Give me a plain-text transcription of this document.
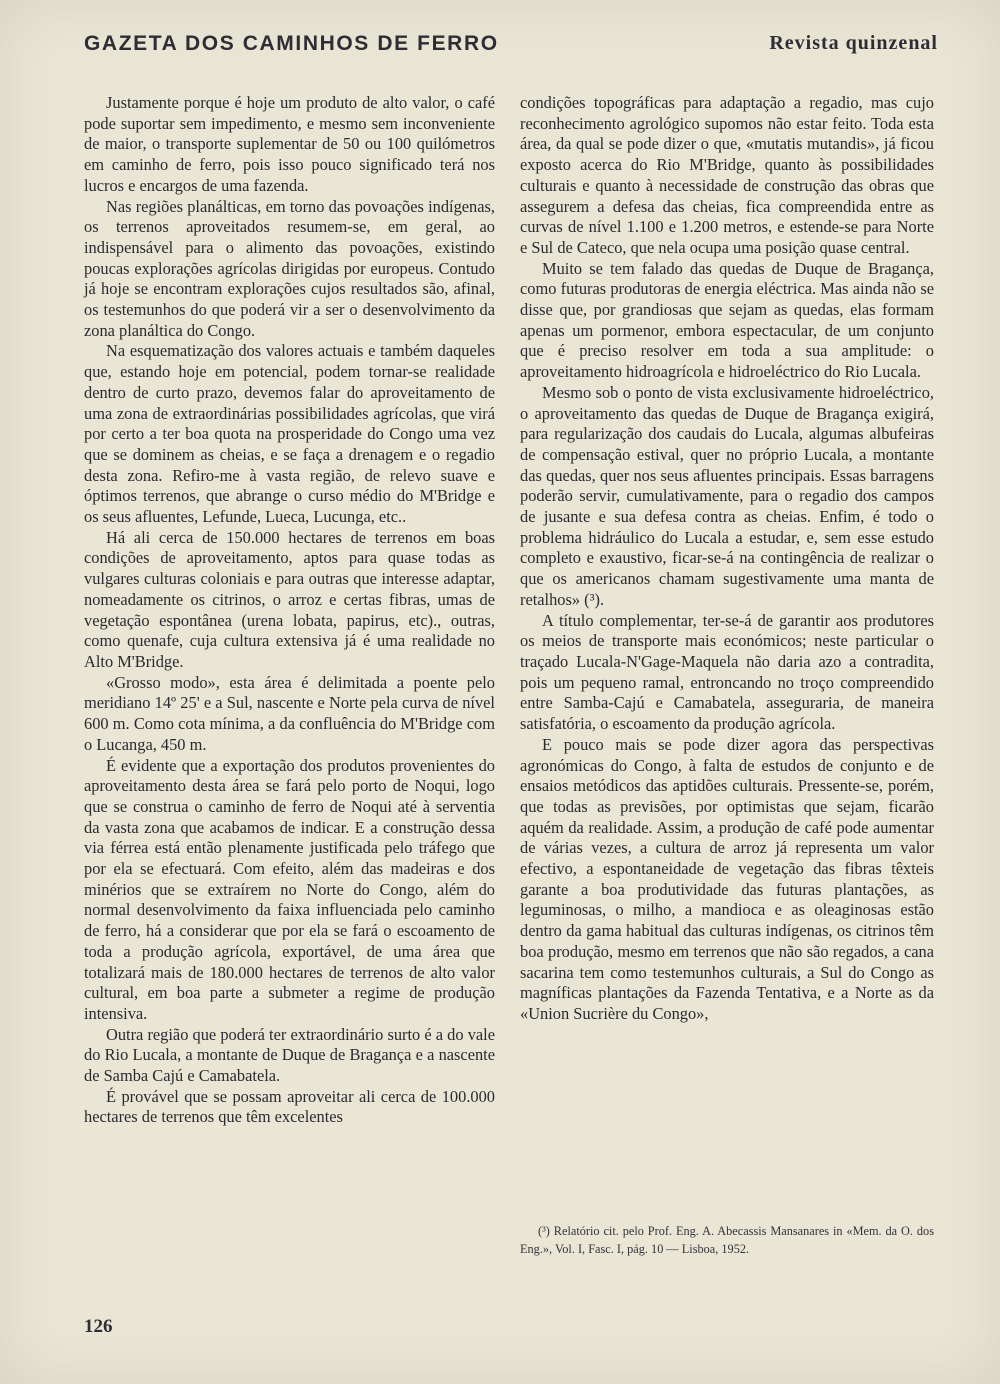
GAZETA DOS CAMINHOS DE FERRO	Revista quinzenal

Justamente porque é hoje um produto de alto valor, o café pode suportar sem impedimento, e mesmo sem inconveniente de maior, o transporte suplementar de 50 ou 100 quilómetros em caminho de ferro, pois isso pouco significado terá nos lucros e encargos de uma fazenda.

Nas regiões planálticas, em torno das povoações indígenas, os terrenos aproveitados resumem-se, em geral, ao indispensável para o alimento das povoações, existindo poucas explorações agrícolas dirigidas por europeus. Contudo já hoje se encontram explorações cujos resultados são, afinal, os testemunhos do que poderá vir a ser o desenvolvimento da zona planáltica do Congo.

Na esquematização dos valores actuais e também daqueles que, estando hoje em potencial, podem tornar-se realidade dentro de curto prazo, devemos falar do aproveitamento de uma zona de extraordinárias possibilidades agrícolas, que virá por certo a ter boa quota na prosperidade do Congo uma vez que se dominem as cheias, e se faça a drenagem e o regadio desta zona. Refiro-me à vasta região, de relevo suave e óptimos terrenos, que abrange o curso médio do M'Bridge e os seus afluentes, Lefunde, Lueca, Lucunga, etc..

Há ali cerca de 150.000 hectares de terrenos em boas condições de aproveitamento, aptos para quase todas as vulgares culturas coloniais e para outras que interesse adaptar, nomeadamente os citrinos, o arroz e certas fibras, umas de vegetação espontânea (urena lobata, papirus, etc)., outras, como quenafe, cuja cultura extensiva já é uma realidade no Alto M'Bridge.

«Grosso modo», esta área é delimitada a poente pelo meridiano 14º 25' e a Sul, nascente e Norte pela curva de nível 600 m. Como cota mínima, a da confluência do M'Bridge com o Lucanga, 450 m.

É evidente que a exportação dos produtos provenientes do aproveitamento desta área se fará pelo porto de Noqui, logo que se construa o caminho de ferro de Noqui até à serventia da vasta zona que acabamos de indicar. E a construção dessa via férrea está então plenamente justificada pelo tráfego que por ela se efectuará. Com efeito, além das madeiras e dos minérios que se extraírem no Norte do Congo, além do normal desenvolvimento da faixa influenciada pelo caminho de ferro, há a considerar que por ela se fará o escoamento de toda a produção agrícola, exportável, de uma área que totalizará mais de 180.000 hectares de terrenos de alto valor cultural, em boa parte a submeter a regime de produção intensiva.

Outra região que poderá ter extraordinário surto é a do vale do Rio Lucala, a montante de Duque de Bragança e a nascente de Samba Cajú e Camabatela.

É provável que se possam aproveitar ali cerca de 100.000 hectares de terrenos que têm excelentes

condições topográficas para adaptação a regadio, mas cujo reconhecimento agrológico supomos não estar feito. Toda esta área, da qual se pode dizer o que, «mutatis mutandis», já ficou exposto acerca do Rio M'Bridge, quanto às possibilidades culturais e quanto à necessidade de construção das obras que assegurem a defesa das cheias, fica compreendida entre as curvas de nível 1.100 e 1.200 metros, e estende-se para Norte e Sul de Cateco, que nela ocupa uma posição quase central.

Muito se tem falado das quedas de Duque de Bragança, como futuras produtoras de energia eléctrica. Mas ainda não se disse que, por grandiosas que sejam as quedas, elas formam apenas um pormenor, embora espectacular, de um conjunto que é preciso resolver em toda a sua amplitude: o aproveitamento hidroagrícola e hidroeléctrico do Rio Lucala.

Mesmo sob o ponto de vista exclusivamente hidroeléctrico, o aproveitamento das quedas de Duque de Bragança exigirá, para regularização dos caudais do Lucala, algumas albufeiras de compensação estival, quer no próprio Lucala, a montante das quedas, quer nos seus afluentes principais. Essas barragens poderão servir, cumulativamente, para o regadio dos campos de jusante e sua defesa contra as cheias. Enfim, é todo o problema hidráulico do Lucala a estudar, e, sem esse estudo completo e exaustivo, ficar-se-á na contingência de realizar o que os americanos chamam sugestivamente uma manta de retalhos» (³).

A título complementar, ter-se-á de garantir aos produtores os meios de transporte mais económicos; neste particular o traçado Lucala-N'Gage-Maquela não daria azo a contradita, pois um pequeno ramal, entroncando no troço compreendido entre Samba-Cajú e Camabatela, asseguraria, de maneira satisfatória, o escoamento da produção agrícola.

E pouco mais se pode dizer agora das perspectivas agronómicas do Congo, à falta de estudos de conjunto e de ensaios metódicos das aptidões culturais. Pressente-se, porém, que todas as previsões, por optimistas que sejam, ficarão aquém da realidade. Assim, a produção de café pode aumentar de várias vezes, a cultura de arroz já representa um valor efectivo, a espontaneidade de vegetação das fibras têxteis garante a boa produtividade das futuras plantações, as leguminosas, o milho, a mandioca e as oleaginosas estão dentro da gama habitual das culturas indígenas, os citrinos têm boa produção, mesmo em terrenos que não são regados, a cana sacarina tem como testemunhos culturais, a Sul do Congo as magníficas plantações da Fazenda Tentativa, e a Norte as da «Union Sucrière du Congo»,

(³) Relatório cit. pelo Prof. Eng. A. Abecassis Mansanares in «Mem. da O. dos Eng.», Vol. I, Fasc. I, pág. 10 — Lisboa, 1952.

126
